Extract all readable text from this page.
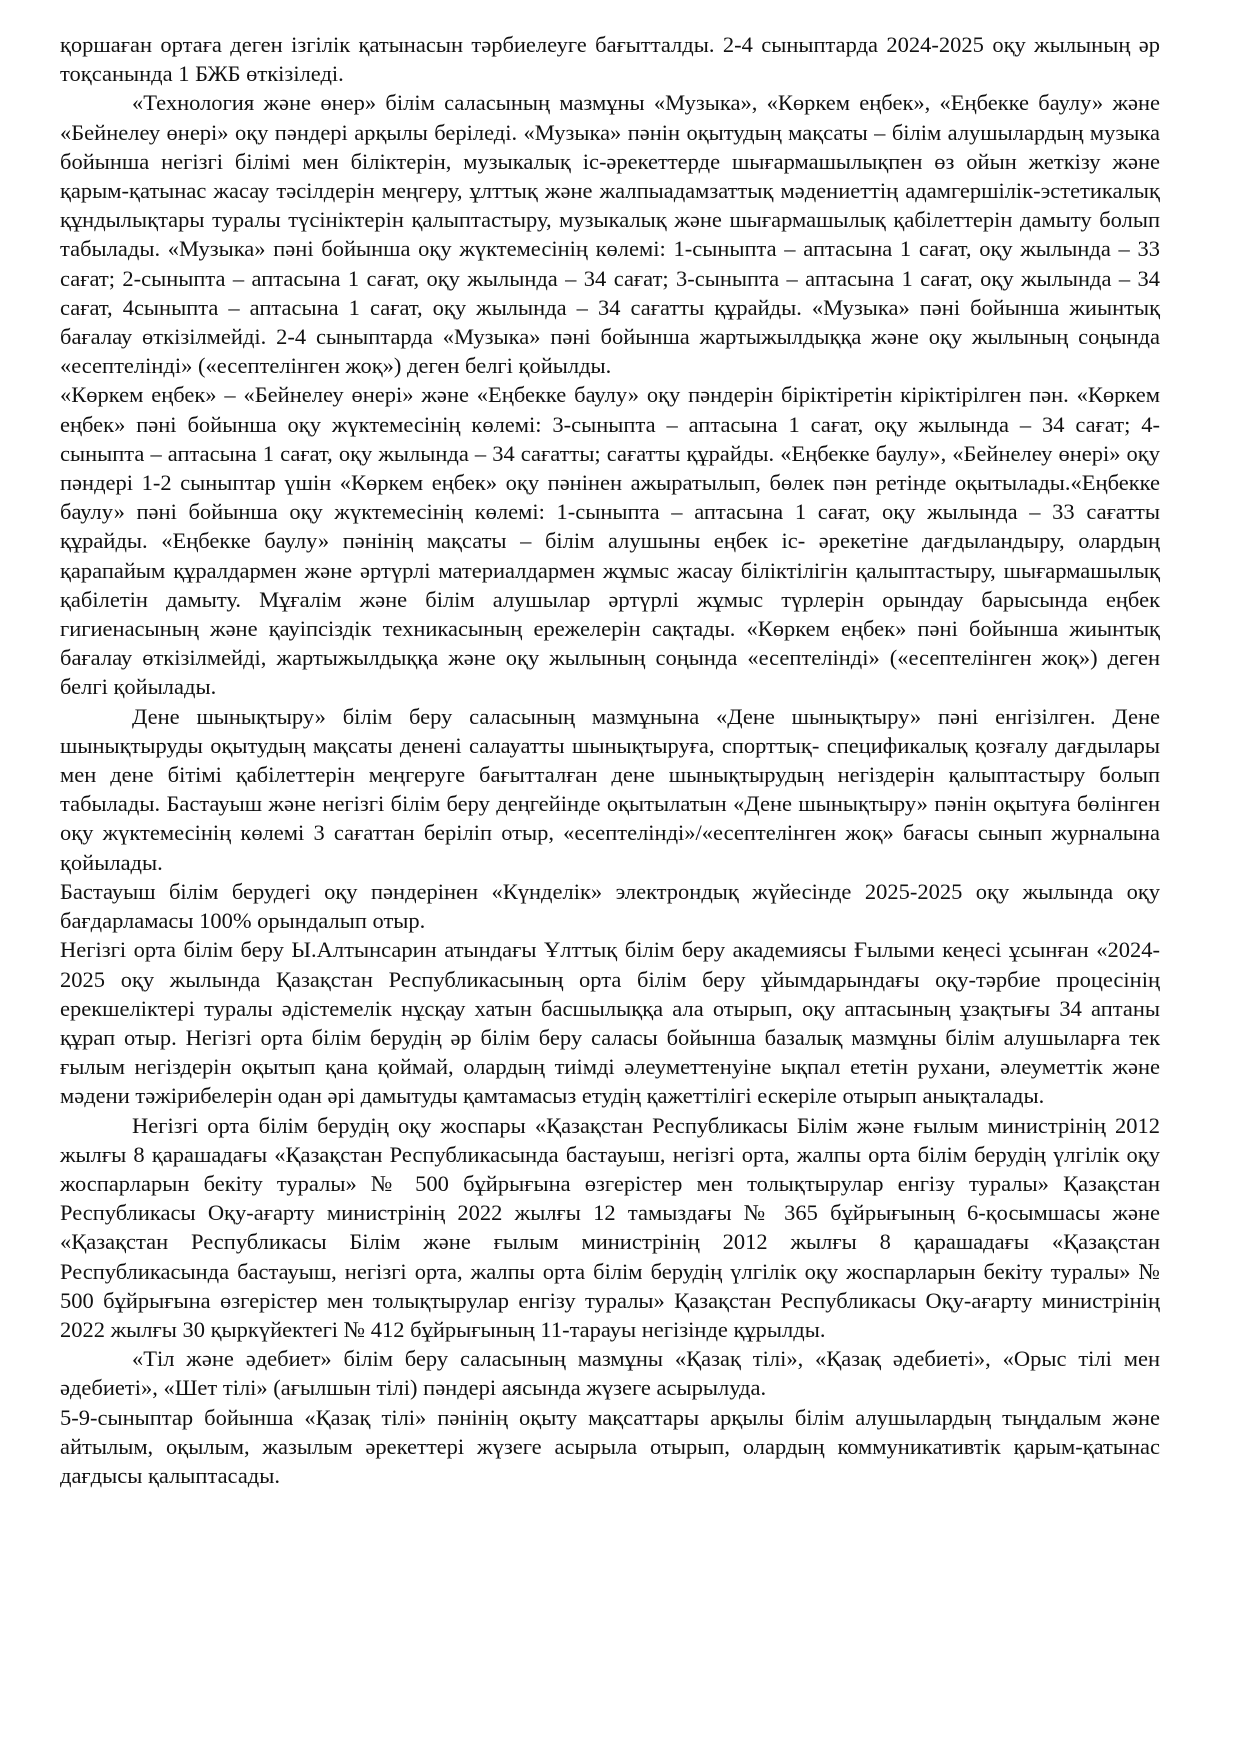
қоршаған ортаға деген ізгілік қатынасын тәрбиелеуге бағытталды. 2-4 сыныптарда 2024-2025 оқу жылының әр тоқсанында 1 БЖБ өткізіледі.

«Технология және өнер» білім саласының мазмұны «Музыка», «Көркем еңбек», «Еңбекке баулу» және «Бейнелеу өнері» оқу пәндері арқылы беріледі. «Музыка» пәнін оқытудың мақсаты – білім алушылардың музыка бойынша негізгі білімі мен біліктерін, музыкалық іс-әрекеттерде шығармашылықпен өз ойын жеткізу және қарым-қатынас жасау тәсілдерін меңгеру, ұлттық және жалпыадамзаттық мәдениеттің адамгершілік-эстетикалық құндылықтары туралы түсініктерін қалыптастыру, музыкалық және шығармашылық қабілеттерін дамыту болып табылады. «Музыка» пәні бойынша оқу жүктемесінің көлемі: 1-сыныпта – аптасына 1 сағат, оқу жылында – 33 сағат; 2-сыныпта – аптасына 1 сағат, оқу жылында – 34 сағат; 3-сыныпта – аптасына 1 сағат, оқу жылында – 34 сағат, 4сыныпта – аптасына 1 сағат, оқу жылында – 34 сағатты құрайды. «Музыка» пәні бойынша жиынтық бағалау өткізілмейді. 2-4 сыныптарда «Музыка» пәні бойынша жартыжылдыққа және оқу жылының соңында «есептелінді» («есептелінген жоқ») деген белгі қойылды.

«Көркем еңбек» – «Бейнелеу өнері» және «Еңбекке баулу» оқу пәндерін біріктіретін кіріктірілген пән. «Көркем еңбек» пәні бойынша оқу жүктемесінің көлемі: 3-сыныпта – аптасына 1 сағат, оқу жылында – 34 сағат; 4-сыныпта – аптасына 1 сағат, оқу жылында – 34 сағатты; сағатты құрайды. «Еңбекке баулу», «Бейнелеу өнері» оқу пәндері 1-2 сыныптар үшін «Көркем еңбек» оқу пәнінен ажыратылып, бөлек пән ретінде оқытылады.«Еңбекке баулу» пәні бойынша оқу жүктемесінің көлемі: 1-сыныпта – аптасына 1 сағат, оқу жылында – 33 сағатты құрайды. «Еңбекке баулу» пәнінің мақсаты – білім алушыны еңбек іс- әрекетіне дағдыландыру, олардың қарапайым құралдармен және әртүрлі материалдармен жұмыс жасау біліктілігін қалыптастыру, шығармашылық қабілетін дамыту. Мұғалім және білім алушылар әртүрлі жұмыс түрлерін орындау барысында еңбек гигиенасының және қауіпсіздік техникасының ережелерін сақтады. «Көркем еңбек» пәні бойынша жиынтық бағалау өткізілмейді, жартыжылдыққа және оқу жылының соңында «есептелінді» («есептелінген жоқ») деген белгі қойылады.

Дене шынықтыру» білім беру саласының мазмұнына «Дене шынықтыру» пәні енгізілген. Дене шынықтыруды оқытудың мақсаты денені салауатты шынықтыруға, спорттық- спецификалық қозғалу дағдылары мен дене бітімі қабілеттерін меңгеруге бағытталған дене шынықтырудың негіздерін қалыптастыру болып табылады. Бастауыш және негізгі білім беру деңгейінде оқытылатын «Дене шынықтыру» пәнін оқытуға бөлінген оқу жүктемесінің көлемі 3 сағаттан беріліп отыр, «есептелінді»/«есептелінген жоқ» бағасы сынып журналына қойылады.

Бастауыш білім берудегі оқу пәндерінен «Күнделік» электрондық жүйесінде 2025-2025 оқу жылында оқу бағдарламасы 100% орындалып отыр.

Негізгі орта білім беру Ы.Алтынсарин атындағы Ұлттық білім беру академиясы Ғылыми кеңесі ұсынған «2024-2025 оқу жылында Қазақстан Республикасының орта білім беру ұйымдарындағы оқу-тәрбие процесінің ерекшеліктері туралы әдістемелік нұсқау хатын басшылыққа ала отырып, оқу аптасының ұзақтығы 34 аптаны құрап отыр. Негізгі орта білім берудің әр білім беру саласы бойынша базалық мазмұны білім алушыларға тек ғылым негіздерін оқытып қана қоймай, олардың тиімді әлеуметтенуіне ықпал ететін рухани, әлеуметтік және мәдени тәжірибелерін одан әрі дамытуды қамтамасыз етудің қажеттілігі ескеріле отырып анықталады.

Негізгі орта білім берудің оқу жоспары «Қазақстан Республикасы Білім және ғылым министрінің 2012 жылғы 8 қарашадағы «Қазақстан Республикасында бастауыш, негізгі орта, жалпы орта білім берудің үлгілік оқу жоспарларын бекіту туралы» № 500 бұйрығына өзгерістер мен толықтырулар енгізу туралы» Қазақстан Республикасы Оқу-ағарту министрінің 2022 жылғы 12 тамыздағы № 365 бұйрығының 6-қосымшасы және «Қазақстан Республикасы Білім және ғылым министрінің 2012 жылғы 8 қарашадағы «Қазақстан Республикасында бастауыш, негізгі орта, жалпы орта білім берудің үлгілік оқу жоспарларын бекіту туралы» № 500 бұйрығына өзгерістер мен толықтырулар енгізу туралы» Қазақстан Республикасы Оқу-ағарту министрінің 2022 жылғы 30 қыркүйектегі № 412 бұйрығының 11-тарауы негізінде құрылды.

«Тіл және әдебиет» білім беру саласының мазмұны «Қазақ тілі», «Қазақ әдебиеті», «Орыс тілі мен әдебиеті», «Шет тілі» (ағылшын тілі) пәндері аясында жүзеге асырылуда.

5-9-сыныптар бойынша «Қазақ тілі» пәнінің оқыту мақсаттары арқылы білім алушылардың тыңдалым және айтылым, оқылым, жазылым әрекеттері жүзеге асырыла отырып, олардың коммуникативтік қарым-қатынас дағдысы қалыптасады.
